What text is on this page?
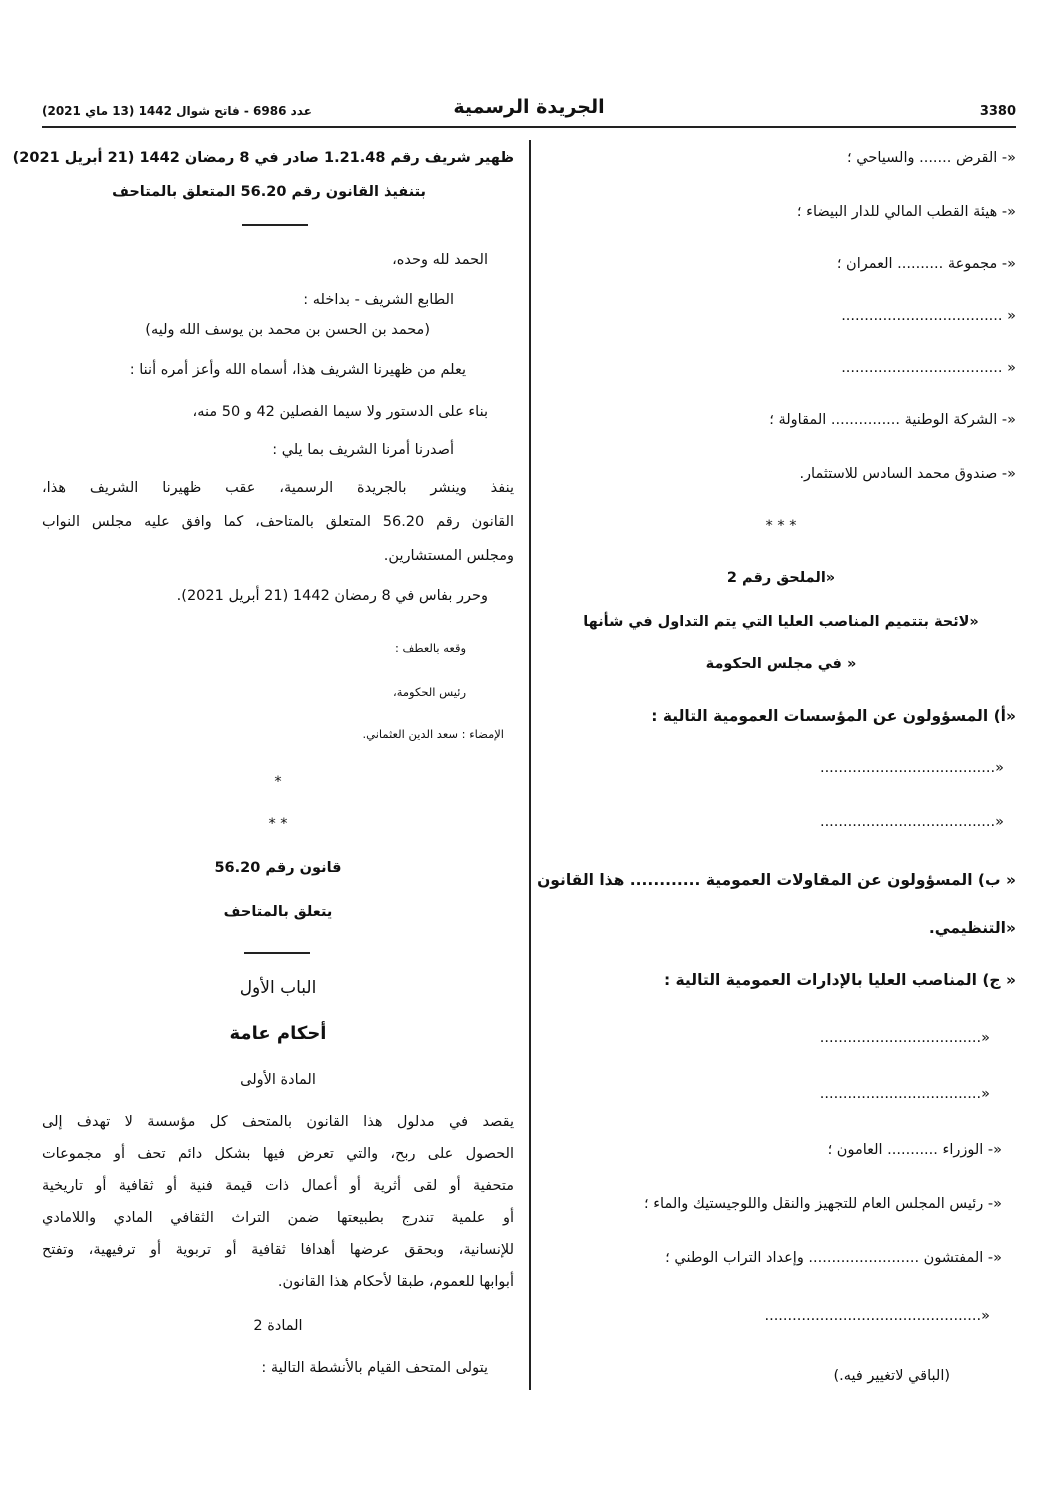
3380
الجريدة الرسمية
عدد 6986 - فاتح شوال 1442 (13 ماي 2021)
«- القرض ....... والسياحي ؛
«- هيئة القطب المالي للدار البيضاء ؛
«- مجموعة .......... العمران ؛
« ...................................
« ...................................
«- الشركة الوطنية ............... المقاولة ؛
«- صندوق محمد السادس للاستثمار.
* * *
«الملحق رقم 2
«لائحة بتتميم المناصب العليا التي يتم التداول في شأنها
« في مجلس الحكومة
«أ) المسؤولون عن المؤسسات العمومية التالية :
«......................................
«......................................
« ب) المسؤولون عن المقاولات العمومية ............ هذا القانون
«التنظيمي.
« ج) المناصب العليا بالإدارات العمومية التالية :
«...................................
«...................................
«- الوزراء ........... العامون ؛
«- رئيس المجلس العام للتجهيز والنقل واللوجيستيك والماء ؛
«- المفتشون ........................ وإعداد التراب الوطني ؛
«...............................................
(الباقي لاتغيير فيه.)
ظهير شريف رقم 1.21.48 صادر في 8 رمضان 1442 (21 أبريل 2021)
بتنفيذ القانون رقم 56.20 المتعلق بالمتاحف
الحمد لله وحده،
الطابع الشريف - بداخله :
(محمد بن الحسن بن محمد بن يوسف الله وليه)
يعلم من ظهيرنا الشريف هذا، أسماه الله وأعز أمره أننا :
بناء على الدستور ولا سيما الفصلين 42 و 50 منه،
أصدرنا أمرنا الشريف بما يلي :
ينفذ وينشر بالجريدة الرسمية، عقب ظهيرنا الشريف هذا،
القانون رقم 56.20 المتعلق بالمتاحف، كما وافق عليه مجلس النواب
ومجلس المستشارين.
وحرر بفاس في 8 رمضان 1442 (21 أبريل 2021).
وقعه بالعطف :
رئيس الحكومة،
الإمضاء : سعد الدين العثماني.
*
* *
قانون رقم 56.20
يتعلق بالمتاحف
الباب الأول
أحكام عامة
المادة الأولى
يقصد في مدلول هذا القانون بالمتحف كل مؤسسة لا تهدف إلى
الحصول على ربح، والتي تعرض فيها بشكل دائم تحف أو مجموعات
متحفية أو لقى أثرية أو أعمال ذات قيمة فنية أو ثقافية أو تاريخية
أو علمية تندرج بطبيعتها ضمن التراث الثقافي المادي واللامادي
للإنسانية، وبحقق عرضها أهدافا ثقافية أو تربوية أو ترفيهية، وتفتح
أبوابها للعموم، طبقا لأحكام هذا القانون.
المادة 2
يتولى المتحف القيام بالأنشطة التالية :
